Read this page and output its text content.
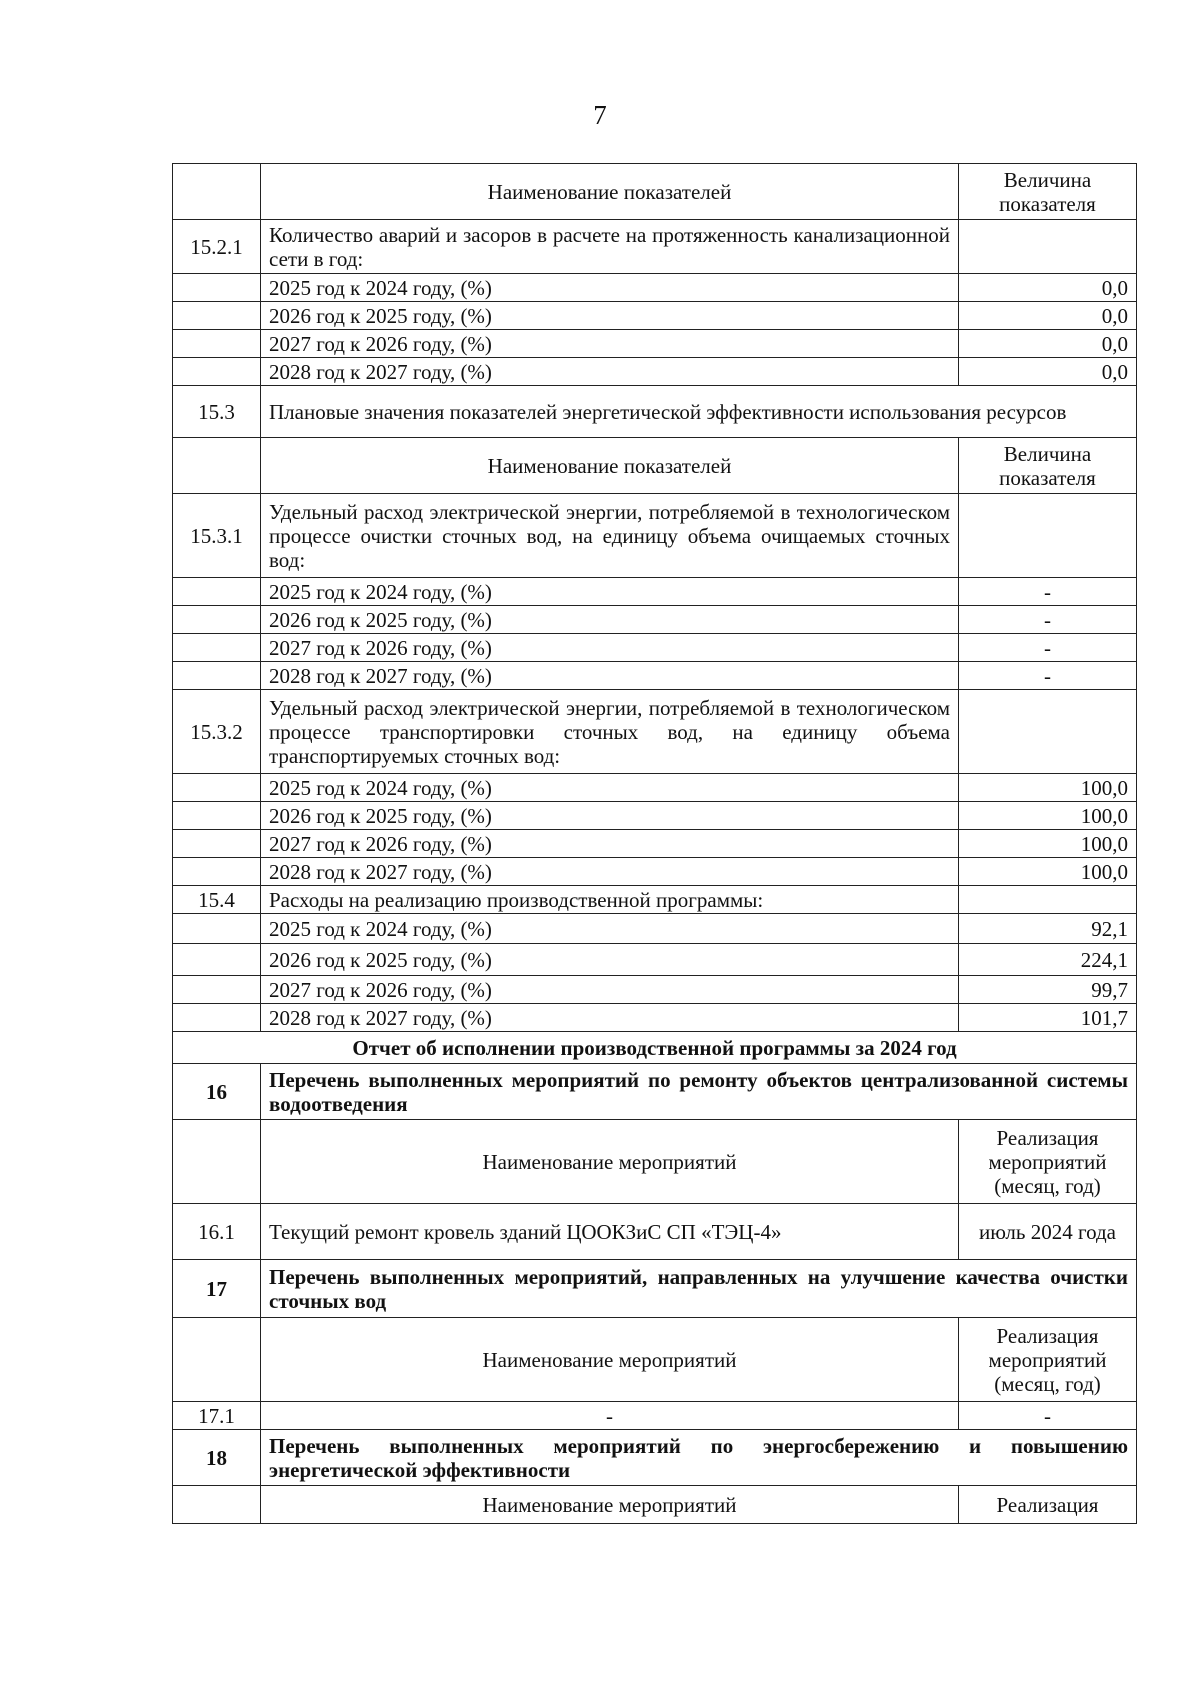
7
	Наименование показателей	Величина показателя
15.2.1	Количество аварий и засоров в расчете на протяженность канализационной сети в год:	
	2025 год к 2024 году, (%)	0,0
	2026 год к 2025 году, (%)	0,0
	2027 год к 2026 году, (%)	0,0
	2028 год к 2027 году, (%)	0,0
15.3	Плановые значения показателей энергетической эффективности использования ресурсов	
	Наименование показателей	Величина показателя
15.3.1	Удельный расход электрической энергии, потребляемой в технологическом процессе очистки сточных вод, на единицу объема очищаемых сточных вод:	
	2025 год к 2024 году, (%)	-
	2026 год к 2025 году, (%)	-
	2027 год к 2026 году, (%)	-
	2028 год к 2027 году, (%)	-
15.3.2	Удельный расход электрической энергии, потребляемой в технологическом процессе транспортировки сточных вод, на единицу объема транспортируемых сточных вод:	
	2025 год к 2024 году, (%)	100,0
	2026 год к 2025 году, (%)	100,0
	2027 год к 2026 году, (%)	100,0
	2028 год к 2027 году, (%)	100,0
15.4	Расходы на реализацию производственной программы:	
	2025 год к 2024 году, (%)	92,1
	2026 год к 2025 году, (%)	224,1
	2027 год к 2026 году, (%)	99,7
	2028 год к 2027 году, (%)	101,7
Отчет об исполнении производственной программы за 2024 год		
16	Перечень выполненных мероприятий по ремонту объектов централизованной системы водоотведения	
	Наименование мероприятий	Реализация мероприятий (месяц, год)
16.1	Текущий ремонт кровель зданий ЦООКЗиС СП «ТЭЦ-4»	июль 2024 года
17	Перечень выполненных мероприятий, направленных на улучшение качества очистки сточных вод	
	Наименование мероприятий	Реализация мероприятий (месяц, год)
17.1	-	-
18	Перечень выполненных мероприятий по энергосбережению и повышению энергетической эффективности	
	Наименование мероприятий	Реализация
